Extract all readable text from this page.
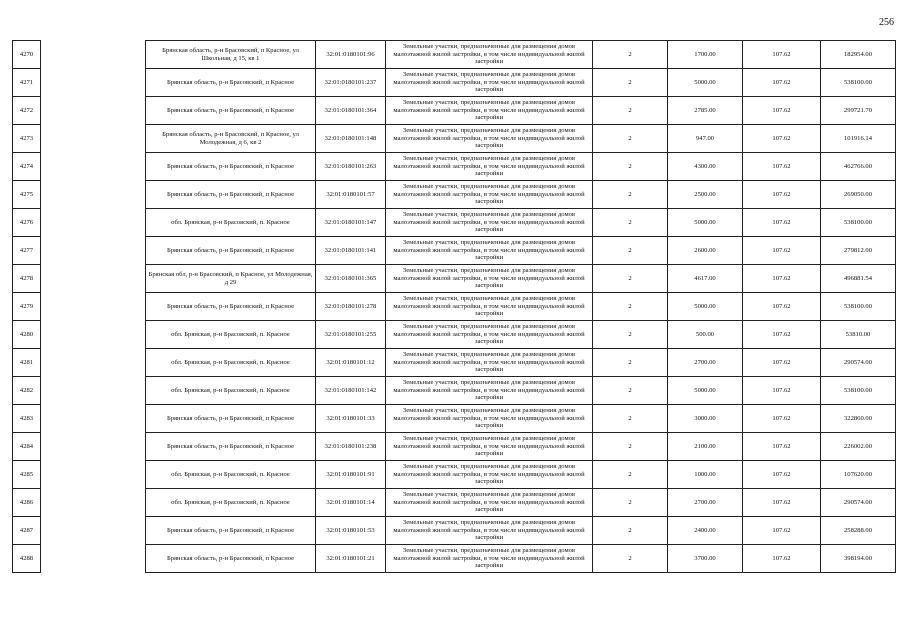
256
4270		Брянская область, р-н Брасовский, п Красное, ул Школьная, д 15, кв 1	32:01:0180101:96	Земельные участки, предназначенные для размещения домов малоэтажной жилой застройки, в том числе индивидуальной жилой застройки	2	1700.00	107.62	182954.00
4271		Брянская область, р-н Брасовский, п Красное	32:01:0180101:237	Земельные участки, предназначенные для размещения домов малоэтажной жилой застройки, в том числе индивидуальной жилой застройки	2	5000.00	107.62	538100.00
4272		Брянская область, р-н Брасовский, п Красное	32:01:0180101:364	Земельные участки, предназначенные для размещения домов малоэтажной жилой застройки, в том числе индивидуальной жилой застройки	2	2785.00	107.62	299721.70
4273		Брянская область, р-н Брасовский, п Красное, ул Молодежная, д 6, кв 2	32:01:0180101:148	Земельные участки, предназначенные для размещения домов малоэтажной жилой застройки, в том числе индивидуальной жилой застройки	2	947.00	107.62	101916.14
4274		Брянская область, р-н Брасовский, п Красное	32:01:0180101:263	Земельные участки, предназначенные для размещения домов малоэтажной жилой застройки, в том числе индивидуальной жилой застройки	2	4300.00	107.62	462766.00
4275		Брянская область, р-н Брасовский, п Красное	32:01:0180101:57	Земельные участки, предназначенные для размещения домов малоэтажной жилой застройки, в том числе индивидуальной жилой застройки	2	2500.00	107.62	269050.00
4276		обл. Брянская, р-н Брасовский, п. Красное	32:01:0180101:147	Земельные участки, предназначенные для размещения домов малоэтажной жилой застройки, в том числе индивидуальной жилой застройки	2	5000.00	107.62	538100.00
4277		Брянская область, р-н Брасовский, п Красное	32:01:0180101:141	Земельные участки, предназначенные для размещения домов малоэтажной жилой застройки, в том числе индивидуальной жилой застройки	2	2600.00	107.62	279812.00
4278		Брянская обл, р-н Брасовский, п Красное, ул Молодежная, д 29	32:01:0180101:365	Земельные участки, предназначенные для размещения домов малоэтажной жилой застройки, в том числе индивидуальной жилой застройки	2	4617.00	107.62	496881.54
4279		Брянская область, р-н Брасовский, п Красное	32:01:0180101:278	Земельные участки, предназначенные для размещения домов малоэтажной жилой застройки, в том числе индивидуальной жилой застройки	2	5000.00	107.62	538100.00
4280		обл. Брянская, р-н Брасовский, п. Красное	32:01:0180101:255	Земельные участки, предназначенные для размещения домов малоэтажной жилой застройки, в том числе индивидуальной жилой застройки	2	500.00	107.62	53810.00
4281		обл. Брянская, р-н Брасовский, п. Красное	32:01:0180101:12	Земельные участки, предназначенные для размещения домов малоэтажной жилой застройки, в том числе индивидуальной жилой застройки	2	2700.00	107.62	290574.00
4282		обл. Брянская, р-н Брасовский, п. Красное	32:01:0180101:142	Земельные участки, предназначенные для размещения домов малоэтажной жилой застройки, в том числе индивидуальной жилой застройки	2	5000.00	107.62	538100.00
4283		Брянская область, р-н Брасовский, п Красное	32:01:0180101:33	Земельные участки, предназначенные для размещения домов малоэтажной жилой застройки, в том числе индивидуальной жилой застройки	2	3000.00	107.62	322860.00
4284		Брянская область, р-н Брасовский, п Красное	32:01:0180101:238	Земельные участки, предназначенные для размещения домов малоэтажной жилой застройки, в том числе индивидуальной жилой застройки	2	2100.00	107.62	226002.00
4285		обл. Брянская, р-н Брасовский, п. Красное	32:01:0180101:91	Земельные участки, предназначенные для размещения домов малоэтажной жилой застройки, в том числе индивидуальной жилой застройки	2	1000.00	107.62	107620.00
4286		обл. Брянская, р-н Брасовский, п. Красное	32:01:0180101:14	Земельные участки, предназначенные для размещения домов малоэтажной жилой застройки, в том числе индивидуальной жилой застройки	2	2700.00	107.62	290574.00
4287		Брянская область, р-н Брасовский, п Красное	32:01:0180101:53	Земельные участки, предназначенные для размещения домов малоэтажной жилой застройки, в том числе индивидуальной жилой застройки	2	2400.00	107.62	258288.00
4288		Брянская область, р-н Брасовский, п Красное	32:01:0180101:21	Земельные участки, предназначенные для размещения домов малоэтажной жилой застройки, в том числе индивидуальной жилой застройки	2	3700.00	107.62	398194.00
